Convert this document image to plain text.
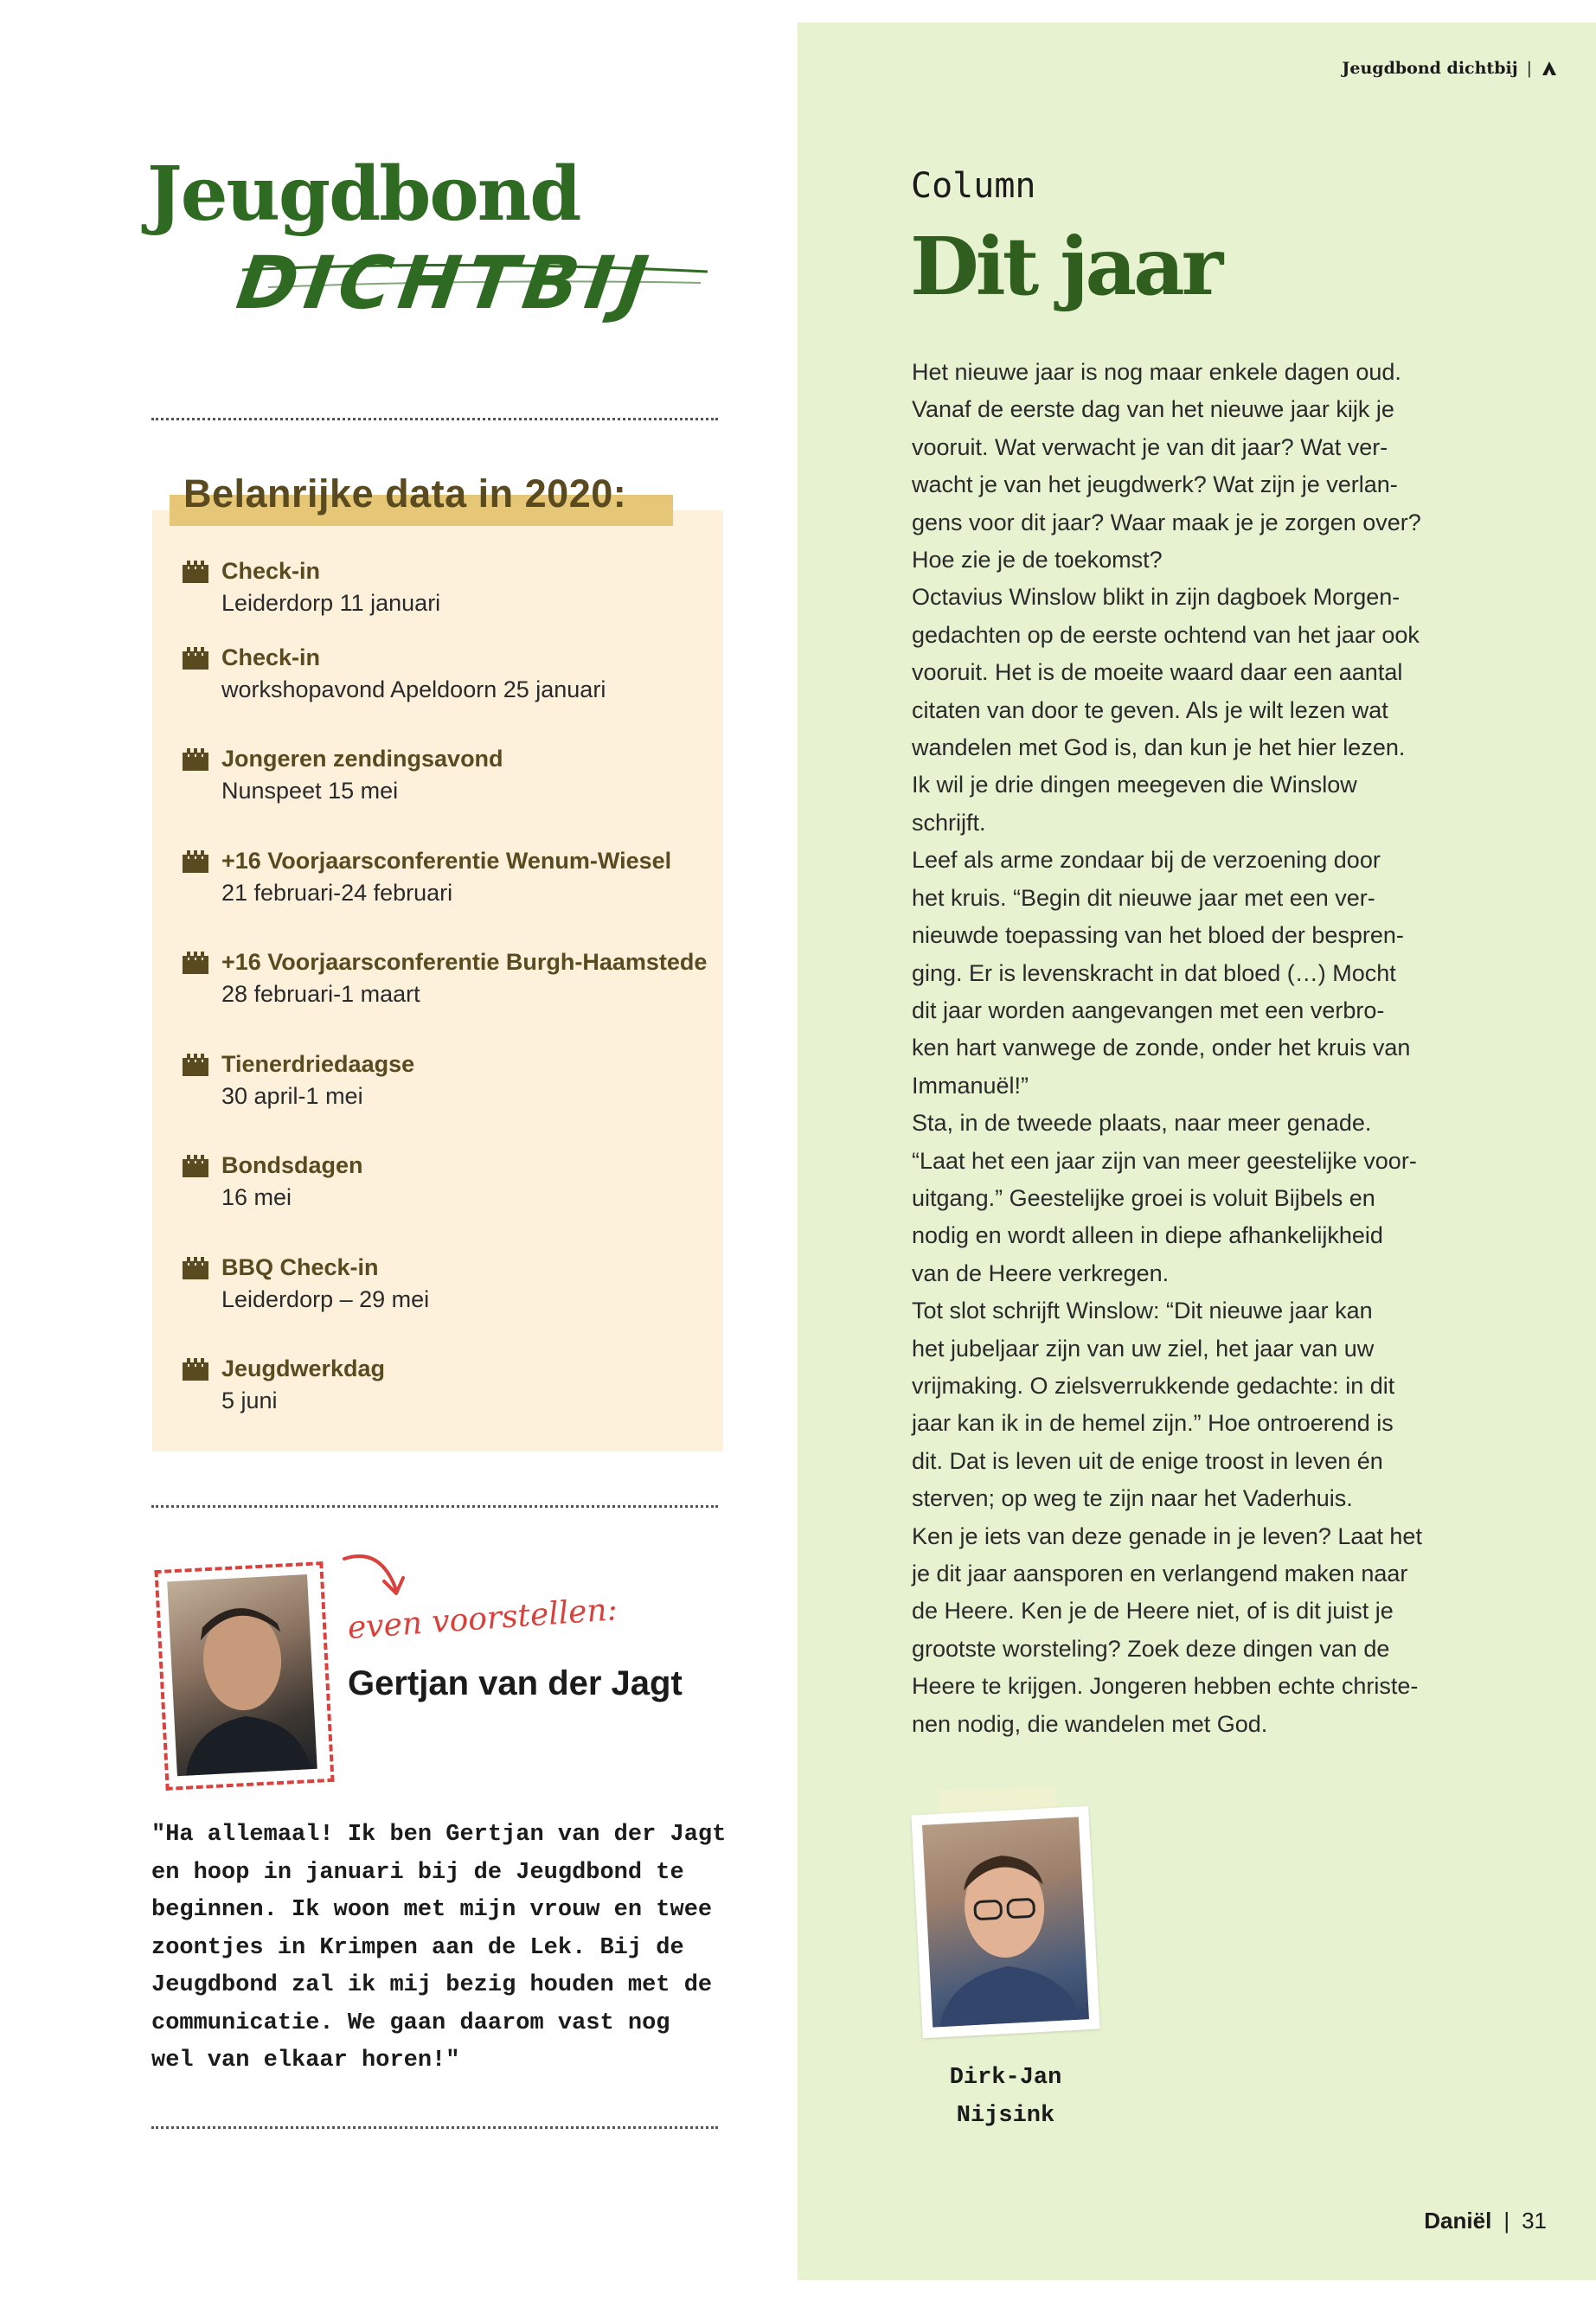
Jeugdbond dichtbij |
Jeugdbond
DICHTBIJ
Belanrijke data in 2020:
Check-in
Leiderdorp 11 januari
Check-in
workshopavond Apeldoorn 25 januari
Jongeren zendingsavond
Nunspeet 15 mei
+16 Voorjaarsconferentie Wenum-Wiesel
21 februari-24 februari
+16 Voorjaarsconferentie Burgh-Haamstede
28 februari-1 maart
Tienerdriedaagse
30 april-1 mei
Bondsdagen
16 mei
BBQ Check-in
Leiderdorp – 29 mei
Jeugdwerkdag
5 juni
even voorstellen:
Gertjan van der Jagt

"Ha allemaal! Ik ben Gertjan van der Jagt

en hoop in januari bij de Jeugdbond te

beginnen. Ik woon met mijn vrouw en twee

zoontjes in Krimpen aan de Lek. Bij de

Jeugdbond zal ik mij bezig houden met de

communicatie. We gaan daarom vast nog

wel van elkaar horen!"

Column
Dit jaar
Het nieuwe jaar is nog maar enkele dagen oud.
Vanaf de eerste dag van het nieuwe jaar kijk je
vooruit. Wat verwacht je van dit jaar? Wat ver-
wacht je van het jeugdwerk? Wat zijn je verlan-
gens voor dit jaar? Waar maak je je zorgen over?
Hoe zie je de toekomst?
Octavius Winslow blikt in zijn dagboek Morgen-
gedachten op de eerste ochtend van het jaar ook
vooruit. Het is de moeite waard daar een aantal
citaten van door te geven. Als je wilt lezen wat
wandelen met God is, dan kun je het hier lezen.
Ik wil je drie dingen meegeven die Winslow
schrijft.
Leef als arme zondaar bij de verzoening door
het kruis. “Begin dit nieuwe jaar met een ver-
nieuwde toepassing van het bloed der bespren-
ging. Er is levenskracht in dat bloed (…) Mocht
dit jaar worden aangevangen met een verbro-
ken hart vanwege de zonde, onder het kruis van
Immanuël!”
Sta, in de tweede plaats, naar meer genade.
“Laat het een jaar zijn van meer geestelijke voor-
uitgang.” Geestelijke groei is voluit Bijbels en
nodig en wordt alleen in diepe afhankelijkheid
van de Heere verkregen.
Tot slot schrijft Winslow: “Dit nieuwe jaar kan
het jubeljaar zijn van uw ziel, het jaar van uw
vrijmaking. O zielsverrukkende gedachte: in dit
jaar kan ik in de hemel zijn.” Hoe ontroerend is
dit. Dat is leven uit de enige troost in leven én
sterven; op weg te zijn naar het Vaderhuis.
Ken je iets van deze genade in je leven? Laat het
je dit jaar aansporen en verlangend maken naar
de Heere. Ken je de Heere niet, of is dit juist je
grootste worsteling? Zoek deze dingen van de
Heere te krijgen. Jongeren hebben echte christe-
nen nodig, die wandelen met God.
Dirk-Jan
Nijsink
Daniël | 31
